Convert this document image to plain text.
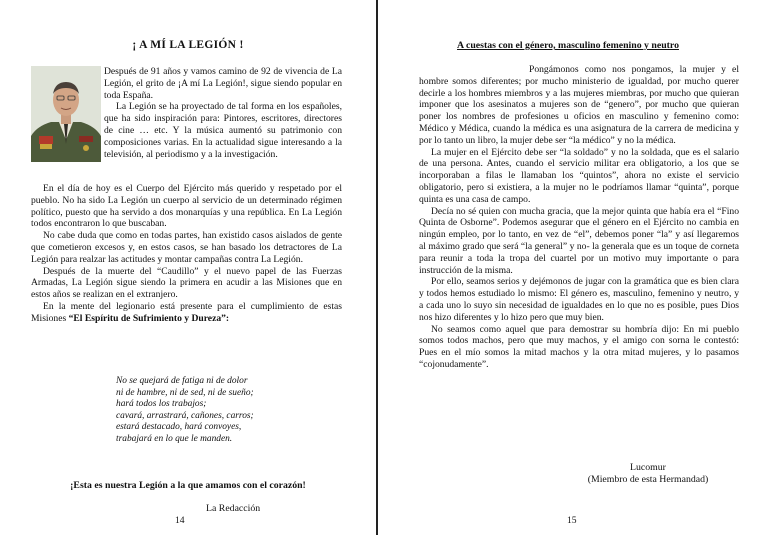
¡ A MÍ LA LEGIÓN !

Después de 91 años y vamos camino de 92 de vivencia de La Legión, el grito de ¡A mí La Legión!, sigue siendo popular en toda España.

La Legión se ha proyectado de tal forma en los españoles, que ha sido inspiración para: Pintores, escritores, directores de cine … etc. Y la música aumentó su patrimonio con composiciones varias. En la actualidad sigue interesando a la televisión, al periodismo y a la investigación.

En el día de hoy es el Cuerpo del Ejército más querido y respetado por el pueblo. No ha sido La Legión un cuerpo al servicio de un determinado régimen político, puesto que ha servido a dos monarquías y una república. En La Legión todos encontraron lo que buscaban.

No cabe duda que como en todas partes, han existido casos aislados de gente que cometieron excesos y, en estos casos, se han basado los detractores de La Legión para realzar las actitudes y montar campañas contra La Legión.

Después de la muerte del “Caudillo” y el nuevo papel de las Fuerzas Armadas, La Legión sigue siendo la primera en acudir a las Misiones que en estos años se realizan en el extranjero.

En la mente del legionario está presente para el cumplimiento de estas Misiones “El Espíritu de Sufrimiento y Dureza”:

No se quejará de fatiga ni de dolor
ni de hambre, ni de sed, ni de sueño;
hará todos los trabajos;
cavará, arrastrará, cañones, carros;
estará destacado, hará convoyes,
trabajará en lo que le manden.
¡Esta es nuestra Legión a la que amamos con el corazón!
La Redacción
14
A cuestas con el género, masculino femenino y neutro

Pongámonos como nos pongamos, la mujer y el hombre somos diferentes; por mucho ministerio de igualdad, por mucho querer decirle a los hombres miembros y a las mujeres miembras, por mucho que quieran imponer que los asesinatos a mujeres son de “genero”, por mucho que quieran poner los nombres de profesiones u oficios en masculino y femenino como: Médico y Médica, cuando la médica es una asignatura de la carrera de medicina y por lo tanto un libro, la mujer debe ser “la médico” y no la médica.

La mujer en el Ejército debe ser “la soldado” y no la soldada, que es el salario de una persona. Antes, cuando el servicio militar era obligatorio, a los que se incorporaban a filas le llamaban los “quintos”, ahora no existe el servicio obligatorio, pero si existiera, a la mujer no le podríamos llamar “quinta”, porque quinta es una casa de campo.

Decía no sé quien con mucha gracia, que la mejor quinta que había era el “Fino Quinta de Osborne”. Podemos asegurar que el género en el Ejército no cambia en ningún empleo, por lo tanto, en vez de “el”, debemos poner “la” y así llegaremos al máximo grado que será “la general” y no- la generala que es un toque de corneta para reunir a toda la tropa del cuartel por un motivo muy importante o para instrucción de la misma.

Por ello, seamos serios y dejémonos de jugar con la gramática que es bien clara y todos hemos estudiado lo mismo: El género es, masculino, femenino y neutro, y a cada uno lo suyo sin necesidad de igualdades en lo que no es posible, pues Dios nos hizo diferentes y lo hizo pero que muy bien.

No seamos como aquel que para demostrar su hombría dijo: En mi pueblo somos todos machos, pero que muy machos, y el amigo con sorna le contestó: Pues en el mío somos la mitad machos y la otra mitad mujeres, y lo pasamos “cojonudamente”.

Lucomur
(Miembro de esta Hermandad)
15
